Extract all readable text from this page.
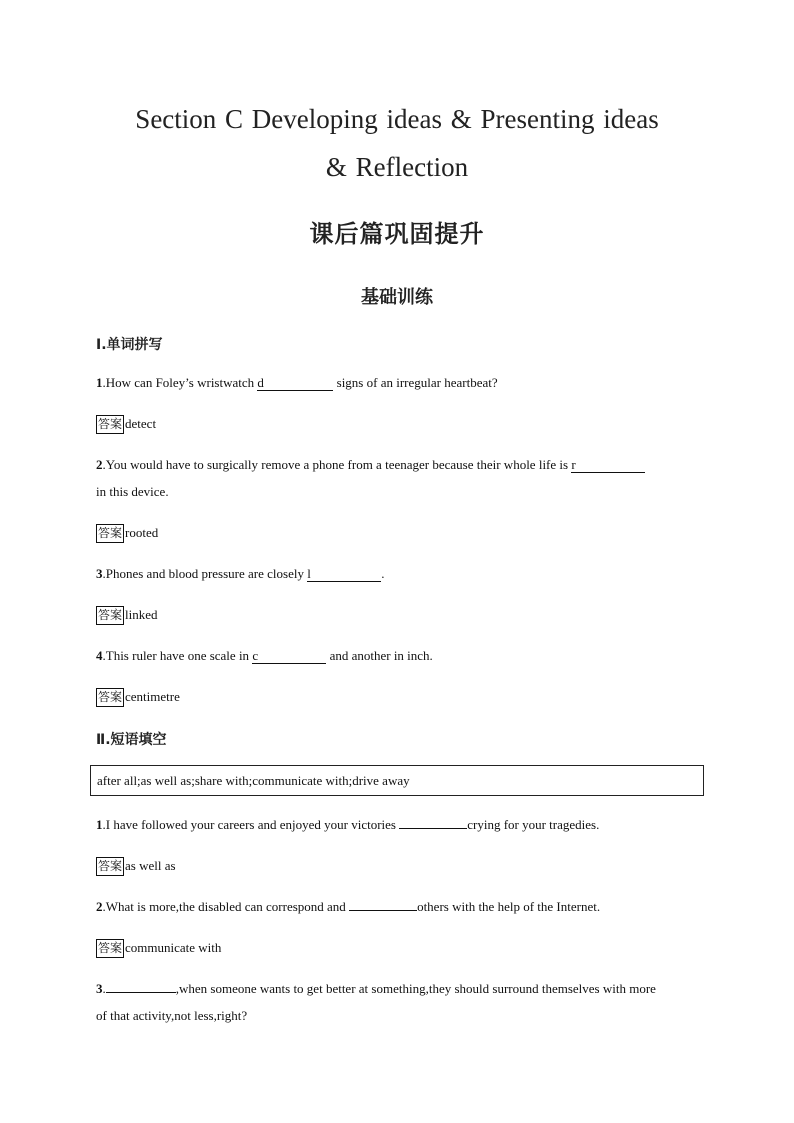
Section C Developing ideas & Presenting ideas
& Reflection
课后篇巩固提升
基础训练
Ⅰ.单词拼写
1.How can Foley’s wristwatch d	signs of an irregular heartbeat?
答案 detect
2.You would have to surgically remove a phone from a teenager because their whole life is r
in this device.
答案 rooted
3.Phones and blood pressure are closely l	.
答案 linked
4.This ruler have one scale in c	and another in inch.
答案 centimetre
Ⅱ.短语填空
after all;as well as;share with;communicate with;drive away
1.I have followed your careers and enjoyed your victories	crying for your tragedies.
答案 as well as
2.What is more,the disabled can correspond and	others with the help of the Internet.
答案 communicate with
3.	,when someone wants to get better at something,they should surround themselves with more
of that activity,not less,right?
